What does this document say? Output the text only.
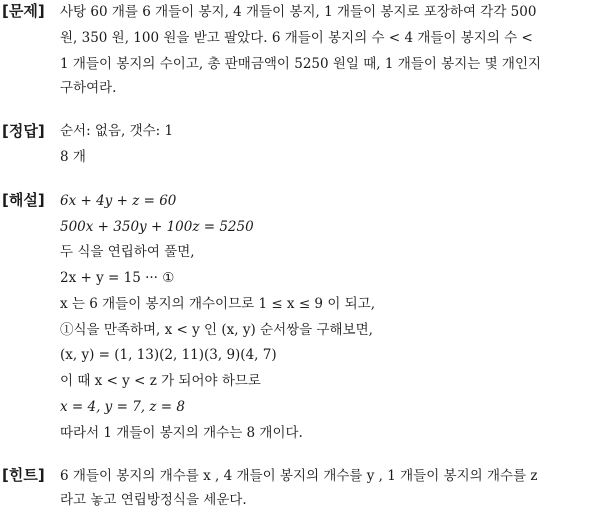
[문제] 사탕 60 개를 6 개들이 봉지, 4 개들이 봉지, 1 개들이 봉지로 포장하여 각각 500
원, 350 원, 100 원을 받고 팔았다. 6 개들이 봉지의 수 < 4 개들이 봉지의 수 <
1 개들이 봉지의 수이고, 총 판매금액이 5250 원일 때, 1 개들이 봉지는 몇 개인지
구하여라.
[정답] 순서: 없음, 갯수: 1
8 개
[해설] 6x + 4y + z = 60
500x + 350y + 100z = 5250
두 식을 연립하여 풀면,
2x + y = 15 ··· ①
x 는 6 개들이 봉지의 개수이므로 1 ≤ x ≤ 9 이 되고,
①식을 만족하며, x < y 인 (x, y) 순서쌍을 구해보면,
(x, y) = (1, 13)(2, 11)(3, 9)(4, 7)
이 때 x < y < z 가 되어야 하므로
x = 4, y = 7, z = 8
따라서 1 개들이 봉지의 개수는 8 개이다.
[힌트] 6 개들이 봉지의 개수를 x , 4 개들이 봉지의 개수를 y , 1 개들이 봉지의 개수를 z
라고 놓고 연립방정식을 세운다.
